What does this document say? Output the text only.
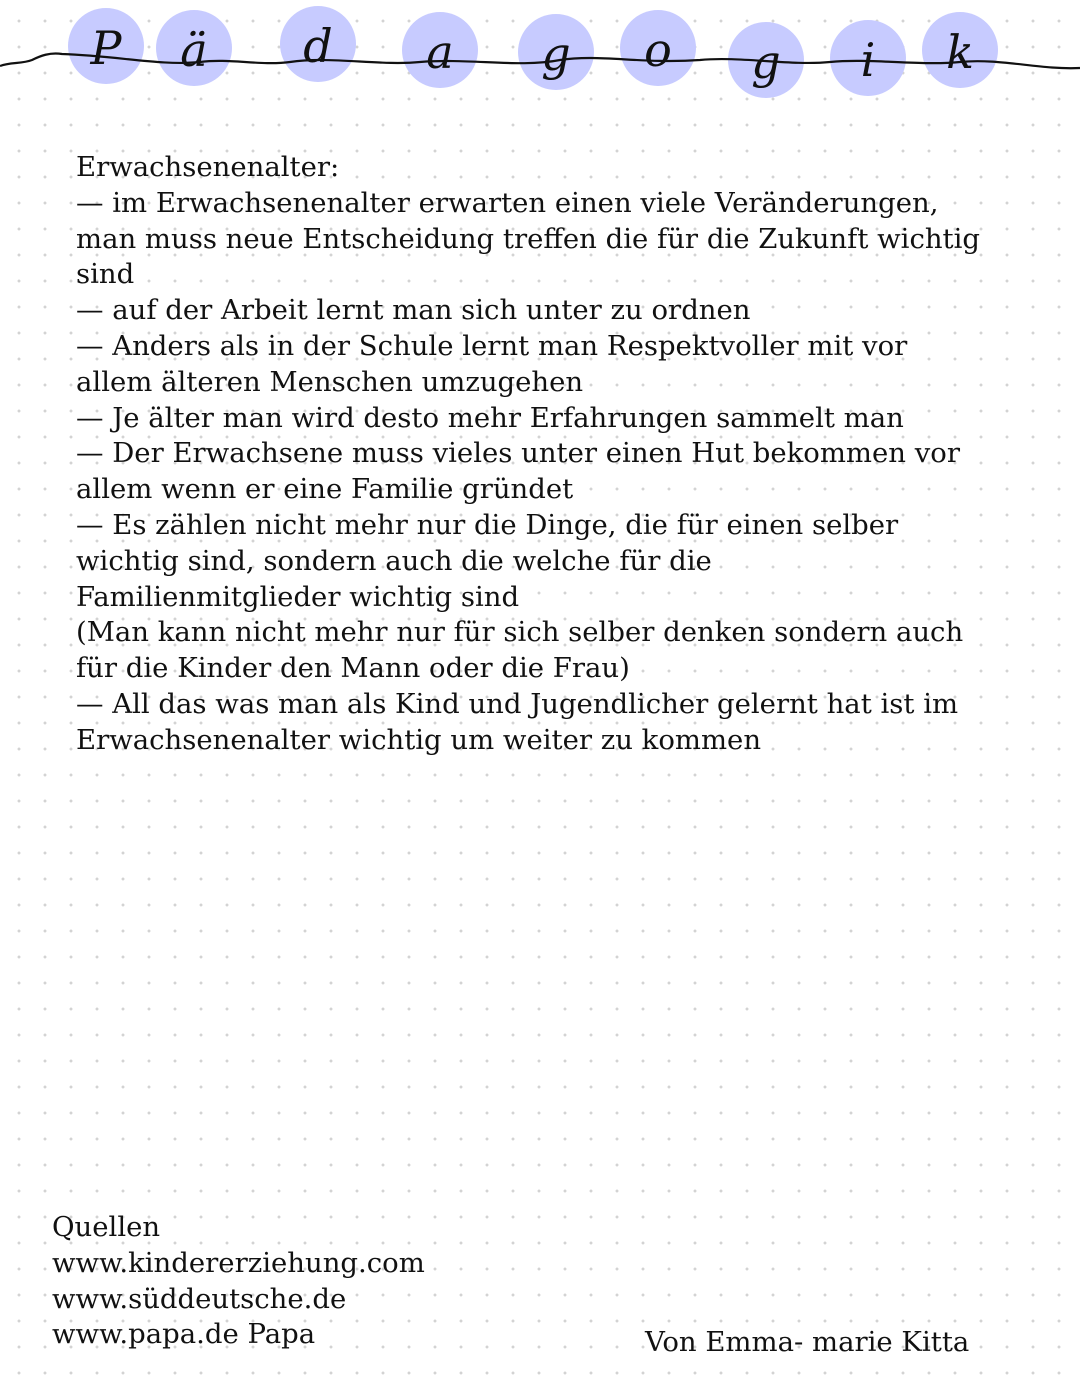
P ä d a g o g i k

Erwachsenenalter:

— im Erwachsenenalter erwarten einen viele Veränderungen,

man muss neue Entscheidung treffen die für die Zukunft wichtig

sind

— auf der Arbeit lernt man sich unter zu ordnen

— Anders als in der Schule lernt man Respektvoller mit vor

allem älteren Menschen umzugehen

— Je älter man wird desto mehr Erfahrungen sammelt man

— Der Erwachsene muss vieles unter einen Hut bekommen vor

allem wenn er eine Familie gründet

— Es zählen nicht mehr nur die Dinge, die für einen selber

wichtig sind, sondern auch die welche für die

Familienmitglieder wichtig sind

(Man kann nicht mehr nur für sich selber denken sondern auch

für die Kinder den Mann oder die Frau)

— All das was man als Kind und Jugendlicher gelernt hat ist im

Erwachsenenalter wichtig um weiter zu kommen

Quellen

www.kindererziehung.com

www.süddeutsche.de

www.papa.de Papa	Von Emma- marie Kitta
